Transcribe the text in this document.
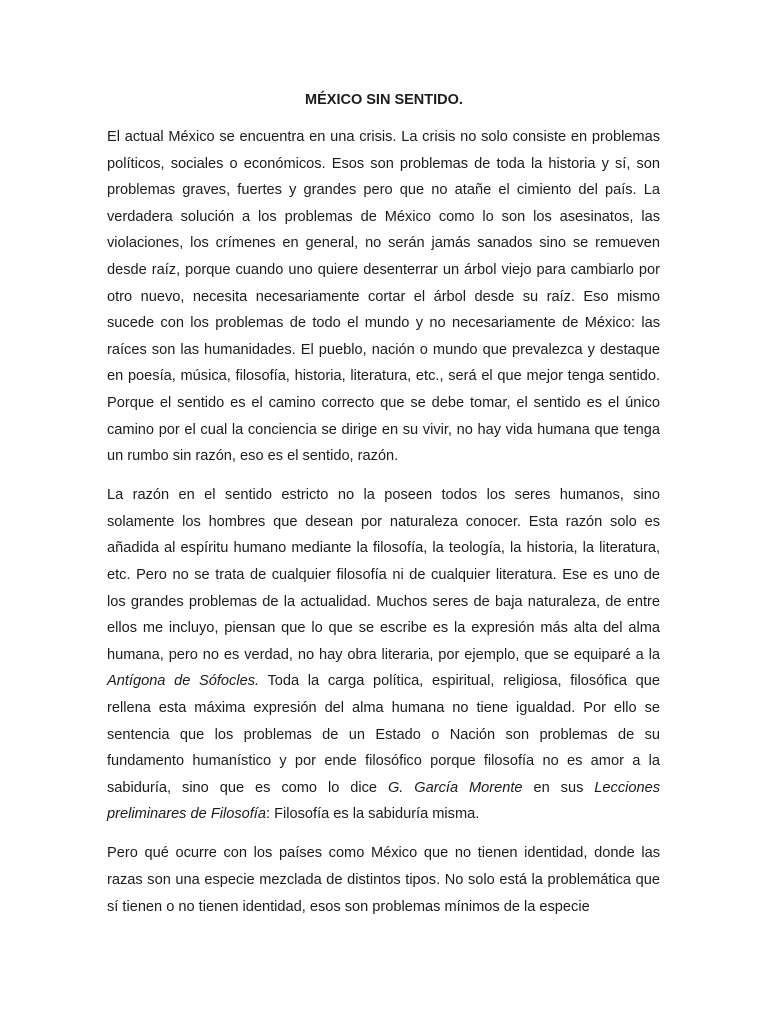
MÉXICO SIN SENTIDO.

El actual México se encuentra en una crisis. La crisis no solo consiste en problemas políticos, sociales o económicos. Esos son problemas de toda la historia y sí, son problemas graves, fuertes y grandes pero que no atañe el cimiento del país. La verdadera solución a los problemas de México como lo son los asesinatos, las violaciones, los crímenes en general, no serán jamás sanados sino se remueven desde raíz, porque cuando uno quiere desenterrar un árbol viejo para cambiarlo por otro nuevo, necesita necesariamente cortar el árbol desde su raíz. Eso mismo sucede con los problemas de todo el mundo y no necesariamente de México: las raíces son las humanidades. El pueblo, nación o mundo que prevalezca y destaque en poesía, música, filosofía, historia, literatura, etc., será el que mejor tenga sentido. Porque el sentido es el camino correcto que se debe tomar, el sentido es el único camino por el cual la conciencia se dirige en su vivir, no hay vida humana que tenga un rumbo sin razón, eso es el sentido, razón.

La razón en el sentido estricto no la poseen todos los seres humanos, sino solamente los hombres que desean por naturaleza conocer. Esta razón solo es añadida al espíritu humano mediante la filosofía, la teología, la historia, la literatura, etc. Pero no se trata de cualquier filosofía ni de cualquier literatura. Ese es uno de los grandes problemas de la actualidad. Muchos seres de baja naturaleza, de entre ellos me incluyo, piensan que lo que se escribe es la expresión más alta del alma humana, pero no es verdad, no hay obra literaria, por ejemplo, que se equiparé a la Antígona de Sófocles. Toda la carga política, espiritual, religiosa, filosófica que rellena esta máxima expresión del alma humana no tiene igualdad. Por ello se sentencia que los problemas de un Estado o Nación son problemas de su fundamento humanístico y por ende filosófico porque filosofía no es amor a la sabiduría, sino que es como lo dice G. García Morente en sus Lecciones preliminares de Filosofía: Filosofía es la sabiduría misma.

Pero qué ocurre con los países como México que no tienen identidad, donde las razas son una especie mezclada de distintos tipos. No solo está la problemática que sí tienen o no tienen identidad, esos son problemas mínimos de la especie
